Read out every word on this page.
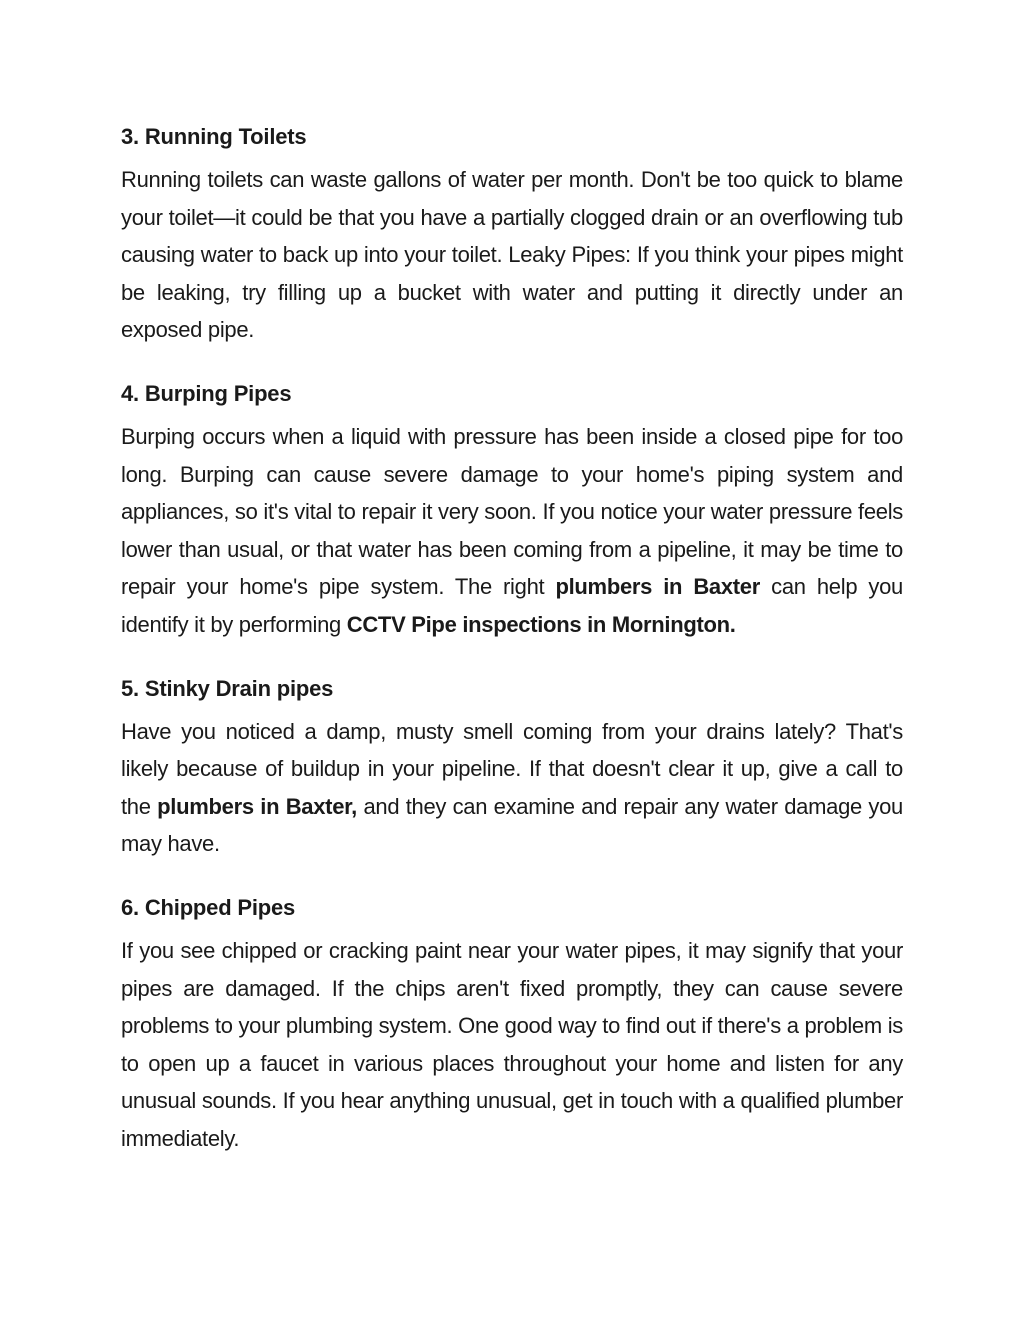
3. Running Toilets

Running toilets can waste gallons of water per month. Don't be too quick to blame your toilet—it could be that you have a partially clogged drain or an overflowing tub causing water to back up into your toilet. Leaky Pipes: If you think your pipes might be leaking, try filling up a bucket with water and putting it directly under an exposed pipe.

4. Burping Pipes

Burping occurs when a liquid with pressure has been inside a closed pipe for too long. Burping can cause severe damage to your home's piping system and appliances, so it's vital to repair it very soon. If you notice your water pressure feels lower than usual, or that water has been coming from a pipeline, it may be time to repair your home's pipe system. The right plumbers in Baxter can help you identify it by performing CCTV Pipe inspections in Mornington.

5. Stinky Drain pipes

Have you noticed a damp, musty smell coming from your drains lately? That's likely because of buildup in your pipeline. If that doesn't clear it up, give a call to the plumbers in Baxter, and they can examine and repair any water damage you may have.

6. Chipped Pipes

If you see chipped or cracking paint near your water pipes, it may signify that your pipes are damaged. If the chips aren't fixed promptly, they can cause severe problems to your plumbing system. One good way to find out if there's a problem is to open up a faucet in various places throughout your home and listen for any unusual sounds. If you hear anything unusual, get in touch with a qualified plumber immediately.
